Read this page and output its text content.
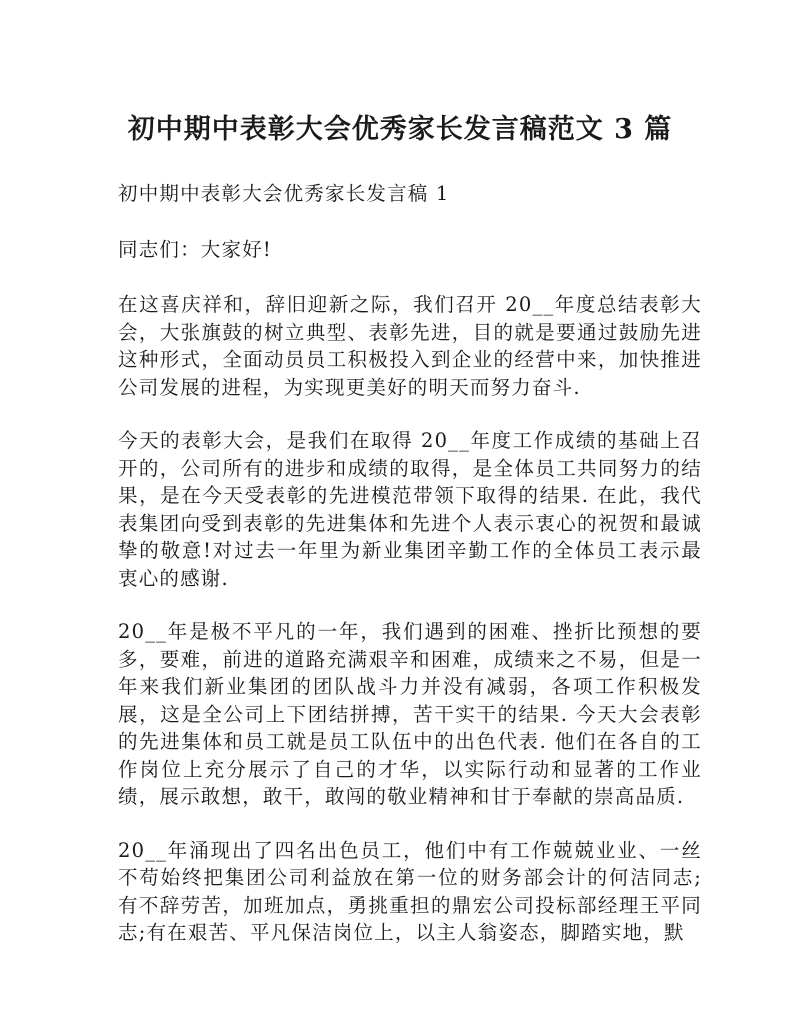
初中期中表彰大会优秀家长发言稿范文 3 篇

初中期中表彰大会优秀家长发言稿 1

同志们：大家好!

在这喜庆祥和，辞旧迎新之际，我们召开 20__年度总结表彰大会，大张旗鼓的树立典型、表彰先进，目的就是要通过鼓励先进这种形式，全面动员员工积极投入到企业的经营中来，加快推进公司发展的进程，为实现更美好的明天而努力奋斗.

今天的表彰大会，是我们在取得 20__年度工作成绩的基础上召开的，公司所有的进步和成绩的取得，是全体员工共同努力的结果，是在今天受表彰的先进模范带领下取得的结果. 在此，我代表集团向受到表彰的先进集体和先进个人表示衷心的祝贺和最诚挚的敬意!对过去一年里为新业集团辛勤工作的全体员工表示最衷心的感谢.

20__年是极不平凡的一年，我们遇到的困难、挫折比预想的要多，要难，前进的道路充满艰辛和困难，成绩来之不易，但是一年来我们新业集团的团队战斗力并没有减弱，各项工作积极发展，这是全公司上下团结拼搏，苦干实干的结果. 今天大会表彰的先进集体和员工就是员工队伍中的出色代表. 他们在各自的工作岗位上充分展示了自己的才华，以实际行动和显著的工作业绩，展示敢想，敢干，敢闯的敬业精神和甘于奉献的崇高品质.

20__年涌现出了四名出色员工，他们中有工作兢兢业业、一丝不苟始终把集团公司利益放在第一位的财务部会计的何洁同志;有不辞劳苦，加班加点，勇挑重担的鼎宏公司投标部经理王平同志;有在艰苦、平凡保洁岗位上，以主人翁姿态，脚踏实地，默
